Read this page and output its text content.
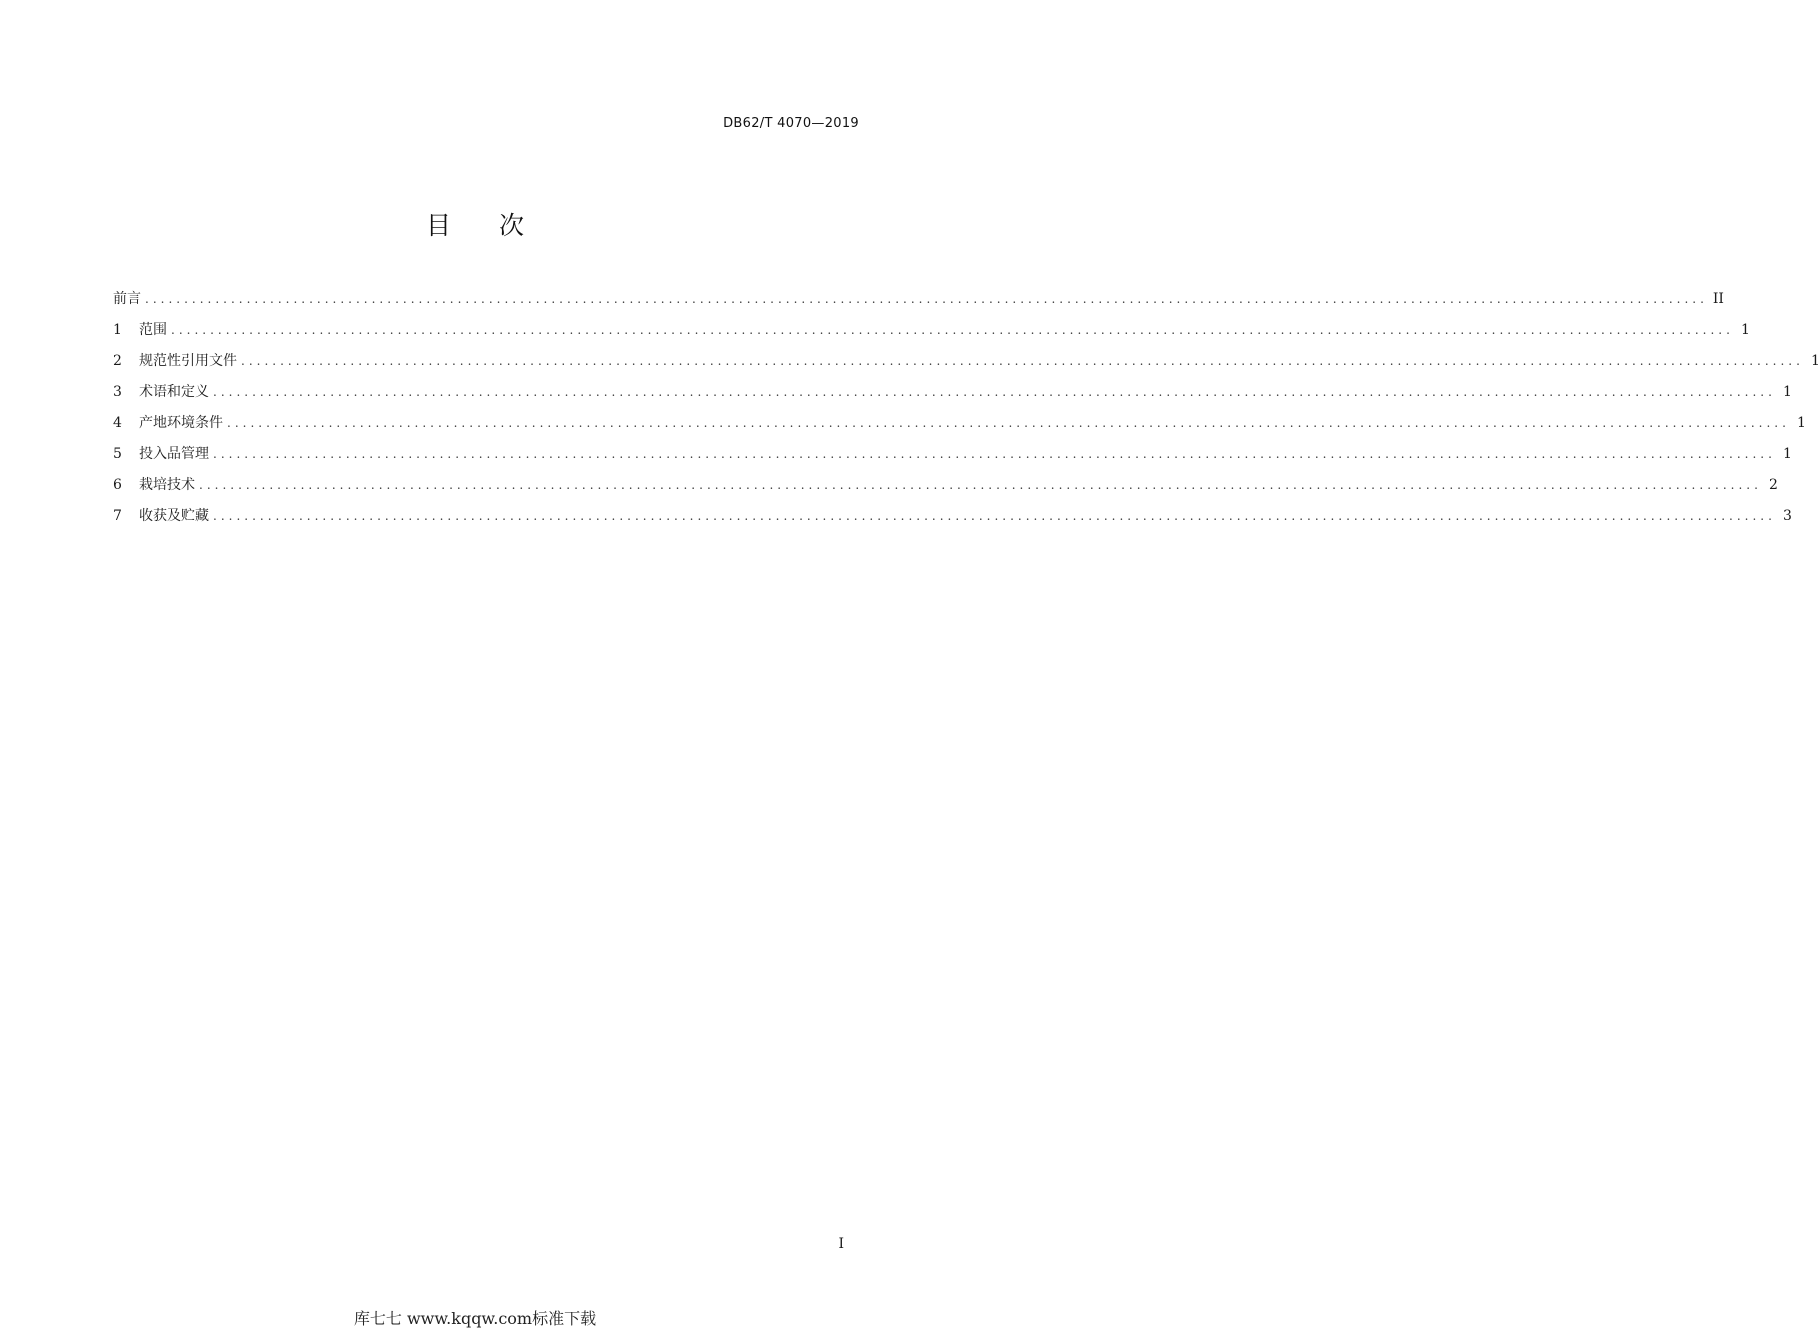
DB62/T 4070—2019
目次
前言 ........................................................................................................................................................................................................ II
1	范围 ........................................................................................................................................................................................................ 1
2	规范性引用文件 ........................................................................................................................................................................................................ 1
3	术语和定义 ........................................................................................................................................................................................................ 1
4	产地环境条件 ........................................................................................................................................................................................................ 1
5	投入品管理 ........................................................................................................................................................................................................ 1
6	栽培技术 ........................................................................................................................................................................................................ 2
7	收获及贮藏 ........................................................................................................................................................................................................ 3
I
库七七 www.kqqw.com标准下载
